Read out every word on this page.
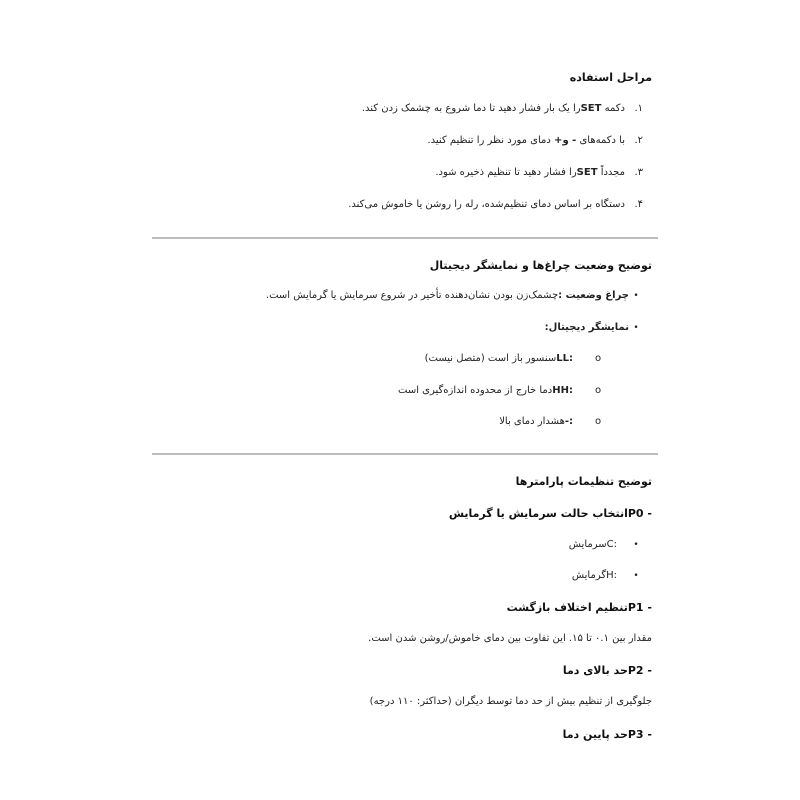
مراحل استفاده
۱.دکمه SETرا یک بار فشار دهید تا دما شروع به چشمک زدن کند.
۲.با دکمه‌های +و - دمای مورد نظر را تنظیم کنید.
۳.مجدداً SETرا فشار دهید تا تنظیم ذخیره شود.
۴.دستگاه بر اساس دمای تنظیم‌شده، رله را روشن یا خاموش می‌کند.
توضیح وضعیت چراغ‌ها و نمایشگر دیجیتال
•چراغ وضعیت :چشمک‌زن بودن نشان‌دهنده تأخیر در شروع سرمایش یا گرمایش است.
•نمایشگر دیجیتال:
oLL:سنسور باز است (متصل نیست)
oHH:دما خارج از محدوده اندازه‌گیری است
o-:هشدار دمای بالا
توضیح تنظیمات پارامترها
- P0انتخاب حالت سرمایش یا گرمایش
•C:سرمایش
•H:گرمایش
- P1تنظیم اختلاف بازگشت
مقدار بین ۰.۱ تا ۱۵. این تفاوت بین دمای خاموش/روشن شدن است.
- P2حد بالای دما
جلوگیری از تنظیم بیش از حد دما توسط دیگران (حداکثر: ۱۱۰ درجه)
- P3حد پایین دما
